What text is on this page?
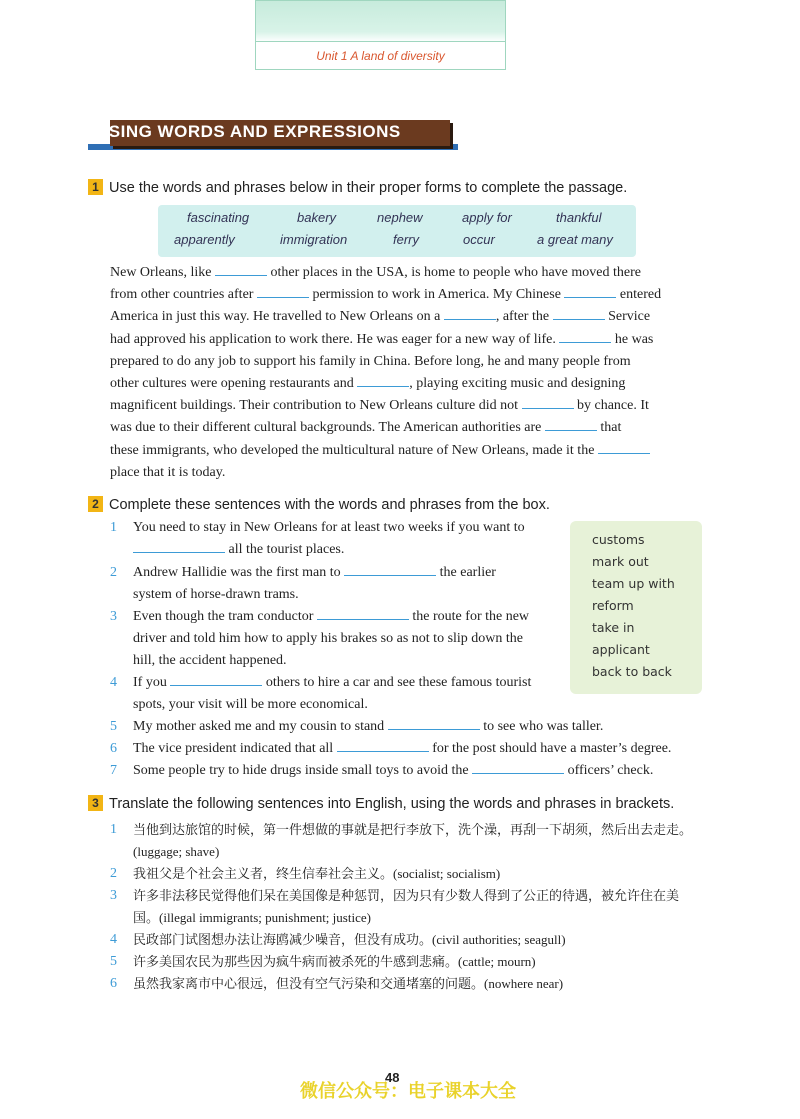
Unit 1 A land of diversity
USING WORDS AND EXPRESSIONS
1 Use the words and phrases below in their proper forms to complete the passage.
fascinating	bakery	nephew	apply for	thankful
apparently	immigration	ferry	occur	a great many
New Orleans, like	other places in the USA, is home to people who have moved there
from other countries after	permission to work in America. My Chinese	entered
America in just this way. He travelled to New Orleans on a	, after the	Service
had approved his application to work there. He was eager for a new way of life.	he was
prepared to do any job to support his family in China. Before long, he and many people from
other cultures were opening restaurants and	, playing exciting music and designing
magnificent buildings. Their contribution to New Orleans culture did not	by chance. It
was due to their different cultural backgrounds. The American authorities are	that
these immigrants, who developed the multicultural nature of New Orleans, made it the
place that it is today.
2 Complete these sentences with the words and phrases from the box.
customs
mark out
team up with
reform
take in
applicant
back to back
1 You need to stay in New Orleans for at least two weeks if you want to
all the tourist places.
2 Andrew Hallidie was the first man to	the earlier
system of horse-drawn trams.
3 Even though the tram conductor	the route for the new
driver and told him how to apply his brakes so as not to slip down the
hill, the accident happened.
4 If you	others to hire a car and see these famous tourist
spots, your visit will be more economical.
5 My mother asked me and my cousin to stand	to see who was taller.
6 The vice president indicated that all	for the post should have a master’s degree.
7 Some people try to hide drugs inside small toys to avoid the	officers’ check.
3 Translate the following sentences into English, using the words and phrases in brackets.
1 当他到达旅馆的时候，第一件想做的事就是把行李放下，洗个澡，再刮一下胡须，然后出去走走。
(luggage; shave)
2 我祖父是个社会主义者，终生信奉社会主义。(socialist; socialism)
3 许多非法移民觉得他们呆在美国像是种惩罚，因为只有少数人得到了公正的待遇，被允许住在美
国。(illegal immigrants; punishment; justice)
4 民政部门试图想办法让海鸥减少噪音，但没有成功。(civil authorities; seagull)
5 许多美国农民为那些因为疯牛病而被杀死的牛感到悲痛。(cattle; mourn)
6 虽然我家离市中心很远，但没有空气污染和交通堵塞的问题。(nowhere near)
48
微信公众号：电子课本大全
